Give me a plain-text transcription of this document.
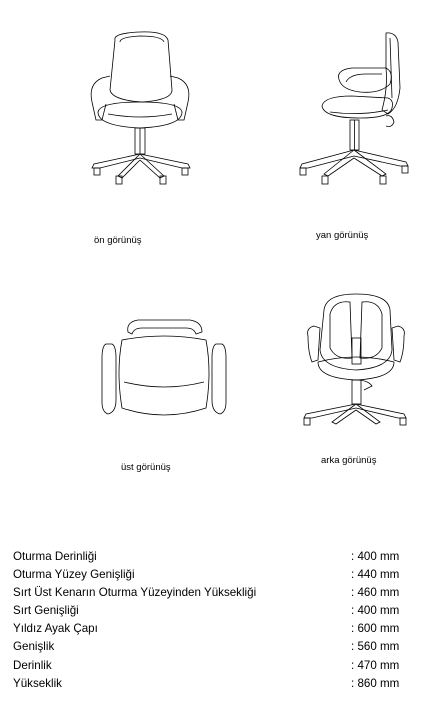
ön görünüş	yan görünüş
üst görünüş
arka görünüş
Oturma Derinliği	: 400 mm
Oturma Yüzey Genişliği	: 440 mm
Sırt Üst Kenarın Oturma Yüzeyinden Yüksekliği	: 460 mm
Sırt Genişliği	: 400 mm
Yıldız Ayak Çapı	: 600 mm
Genişlik	: 560 mm
Derinlik	: 470 mm
Yükseklik	: 860 mm
